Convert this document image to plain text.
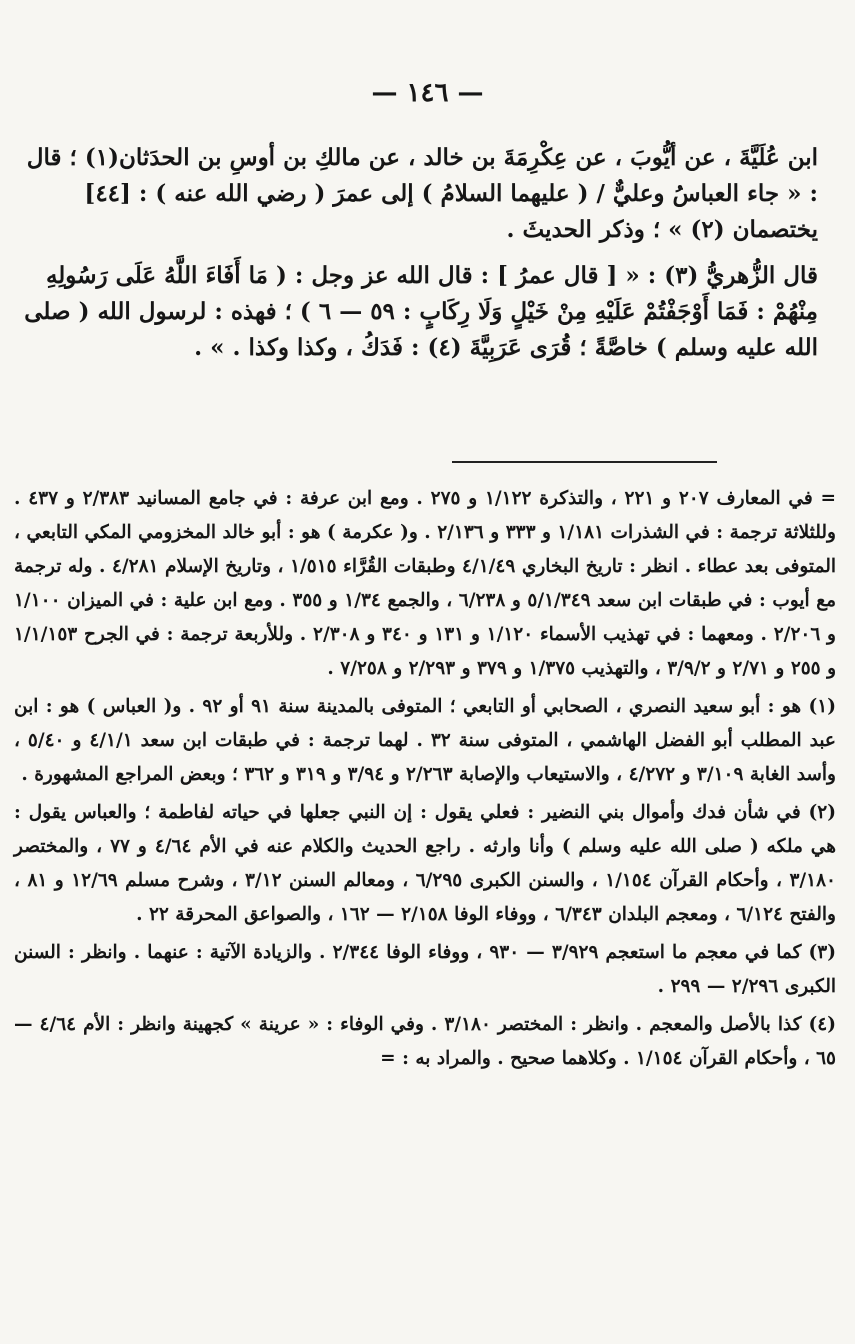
— ١٤٦ —

ابن عُلَيَّةَ ، عن أيُّوبَ ، عن عِكْرِمَةَ بن خالد ، عن مالكِ بن أوسِ بن الحدَثان(١) ؛ قال : « جاء العباسُ وعليٌّ / ( عليهما السلامُ ) إلى عمرَ ( رضي الله عنه ) : [٤٤] يختصمان (٢) » ؛ وذكر الحديثَ .

قال الزُّهريُّ (٣) : « [ قال عمرُ ] : قال الله عز وجل : ( مَا أَفَاءَ اللَّهُ عَلَى رَسُولِهِ مِنْهُمْ : فَمَا أَوْجَفْتُمْ عَلَيْهِ مِنْ خَيْلٍ وَلَا رِكَابٍ : ٥٩ — ٦ ) ؛ فهذه : لرسول الله ( صلى الله عليه وسلم ) خاصَّةً ؛ قُرَى عَرَبِيَّةَ (٤) : فَدَكُ ، وكذا وكذا . » .

= في المعارف ٢٠٧ و ٢٢١ ، والتذكرة ١/١٢٢ و ٢٧٥ . ومع ابن عرفة : في جامع المسانيد ٢/٣٨٣ و ٤٣٧ . وللثلاثة ترجمة : في الشذرات ١/١٨١ و ٣٣٣ و ٢/١٣٦ . و( عكرمة ) هو : أبو خالد المخزومي المكي التابعي ، المتوفى بعد عطاء . انظر : تاريخ البخاري ٤/١/٤٩ وطبقات القُرَّاء ١/٥١٥ ، وتاريخ الإسلام ٤/٢٨١ . وله ترجمة مع أيوب : في طبقات ابن سعد ٥/١/٣٤٩ و ٦/٢٣٨ ، والجمع ١/٣٤ و ٣٥٥ . ومع ابن علية : في الميزان ١/١٠٠ و ٢/٢٠٦ . ومعهما : في تهذيب الأسماء ١/١٢٠ و ١٣١ و ٣٤٠ و ٢/٣٠٨ . وللأربعة ترجمة : في الجرح ١/١/١٥٣ و ٢٥٥ و ٢/٧١ و ٣/٩/٢ ، والتهذيب ١/٣٧٥ و ٣٧٩ و ٢/٢٩٣ و ٧/٢٥٨ .

(١) هو : أبو سعيد النصري ، الصحابي أو التابعي ؛ المتوفى بالمدينة سنة ٩١ أو ٩٢ . و( العباس ) هو : ابن عبد المطلب أبو الفضل الهاشمي ، المتوفى سنة ٣٢ . لهما ترجمة : في طبقات ابن سعد ٤/١/١ و ٥/٤٠ ، وأسد الغابة ٣/١٠٩ و ٤/٢٧٢ ، والاستيعاب والإصابة ٢/٢٦٣ و ٣/٩٤ و ٣١٩ و ٣٦٢ ؛ وبعض المراجع المشهورة .

(٢) في شأن فدك وأموال بني النضير : فعلي يقول : إن النبي جعلها في حياته لفاطمة ؛ والعباس يقول : هي ملكه ( صلى الله عليه وسلم ) وأنا وارثه . راجع الحديث والكلام عنه في الأم ٤/٦٤ و ٧٧ ، والمختصر ٣/١٨٠ ، وأحكام القرآن ١/١٥٤ ، والسنن الكبرى ٦/٢٩٥ ، ومعالم السنن ٣/١٢ ، وشرح مسلم ١٢/٦٩ و ٨١ ، والفتح ٦/١٢٤ ، ومعجم البلدان ٦/٣٤٣ ، ووفاء الوفا ٢/١٥٨ — ١٦٢ ، والصواعق المحرقة ٢٢ .

(٣) كما في معجم ما استعجم ٣/٩٢٩ — ٩٣٠ ، ووفاء الوفا ٢/٣٤٤ . والزيادة الآتية : عنهما . وانظر : السنن الكبرى ٢/٢٩٦ — ٢٩٩ .

(٤) كذا بالأصل والمعجم . وانظر : المختصر ٣/١٨٠ . وفي الوفاء : « عرينة » كجهينة وانظر : الأم ٤/٦٤ — ٦٥ ، وأحكام القرآن ١/١٥٤ . وكلاهما صحيح . والمراد به : =
